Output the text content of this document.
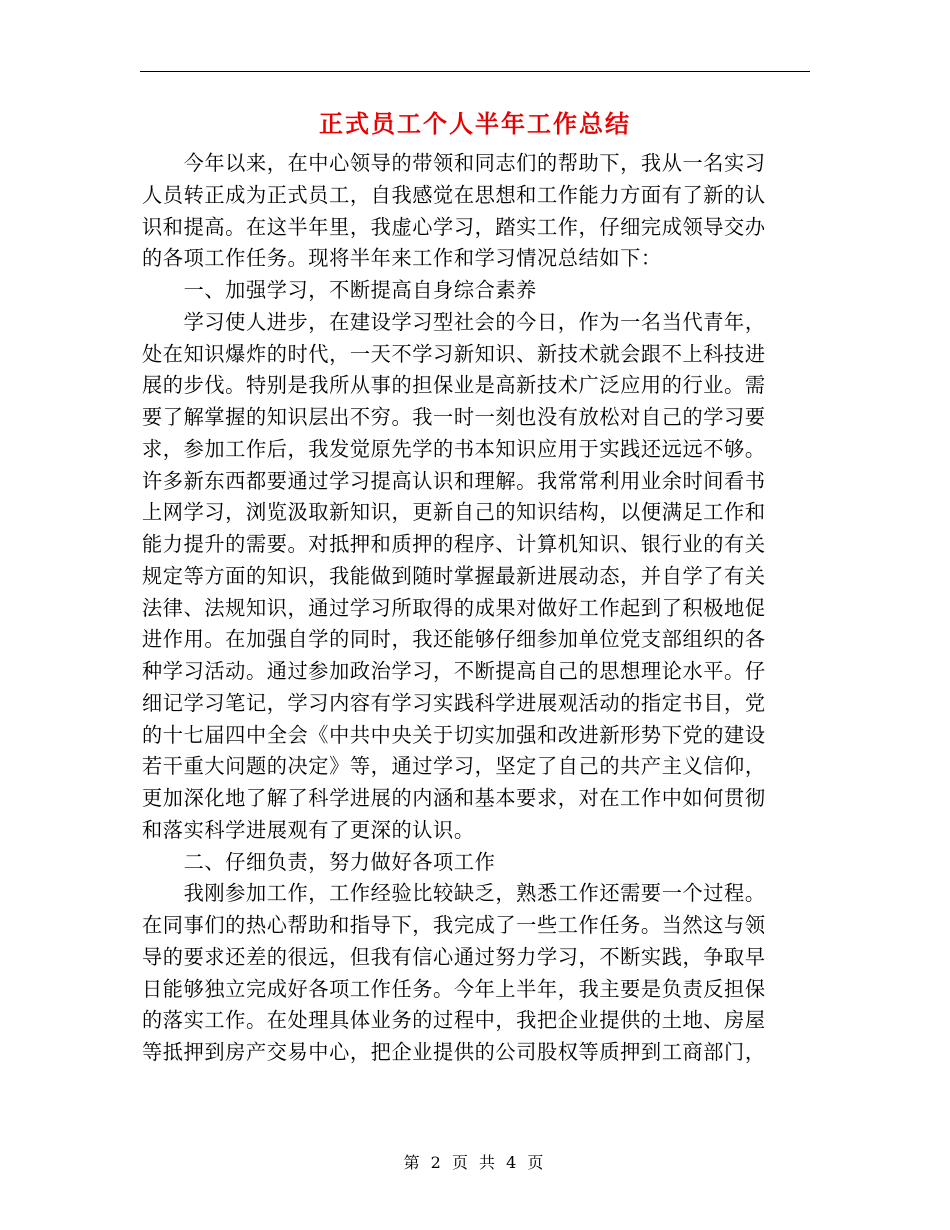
正式员工个人半年工作总结
　　今年以来，在中心领导的带领和同志们的帮助下，我从一名实习
人员转正成为正式员工，自我感觉在思想和工作能力方面有了新的认
识和提高。在这半年里，我虚心学习，踏实工作，仔细完成领导交办
的各项工作任务。现将半年来工作和学习情况总结如下：
　　一、加强学习，不断提高自身综合素养
　　学习使人进步，在建设学习型社会的今日，作为一名当代青年，
处在知识爆炸的时代，一天不学习新知识、新技术就会跟不上科技进
展的步伐。特别是我所从事的担保业是高新技术广泛应用的行业。需
要了解掌握的知识层出不穷。我一时一刻也没有放松对自己的学习要
求，参加工作后，我发觉原先学的书本知识应用于实践还远远不够。
许多新东西都要通过学习提高认识和理解。我常常利用业余时间看书
上网学习，浏览汲取新知识，更新自己的知识结构，以便满足工作和
能力提升的需要。对抵押和质押的程序、计算机知识、银行业的有关
规定等方面的知识，我能做到随时掌握最新进展动态，并自学了有关
法律、法规知识，通过学习所取得的成果对做好工作起到了积极地促
进作用。在加强自学的同时，我还能够仔细参加单位党支部组织的各
种学习活动。通过参加政治学习，不断提高自己的思想理论水平。仔
细记学习笔记，学习内容有学习实践科学进展观活动的指定书目，党
的十七届四中全会《中共中央关于切实加强和改进新形势下党的建设
若干重大问题的决定》等，通过学习，坚定了自己的共产主义信仰，
更加深化地了解了科学进展的内涵和基本要求，对在工作中如何贯彻
和落实科学进展观有了更深的认识。
　　二、仔细负责，努力做好各项工作
　　我刚参加工作，工作经验比较缺乏，熟悉工作还需要一个过程。
在同事们的热心帮助和指导下，我完成了一些工作任务。当然这与领
导的要求还差的很远，但我有信心通过努力学习，不断实践，争取早
日能够独立完成好各项工作任务。今年上半年，我主要是负责反担保
的落实工作。在处理具体业务的过程中，我把企业提供的土地、房屋
等抵押到房产交易中心，把企业提供的公司股权等质押到工商部门，
第 2 页 共 4 页
